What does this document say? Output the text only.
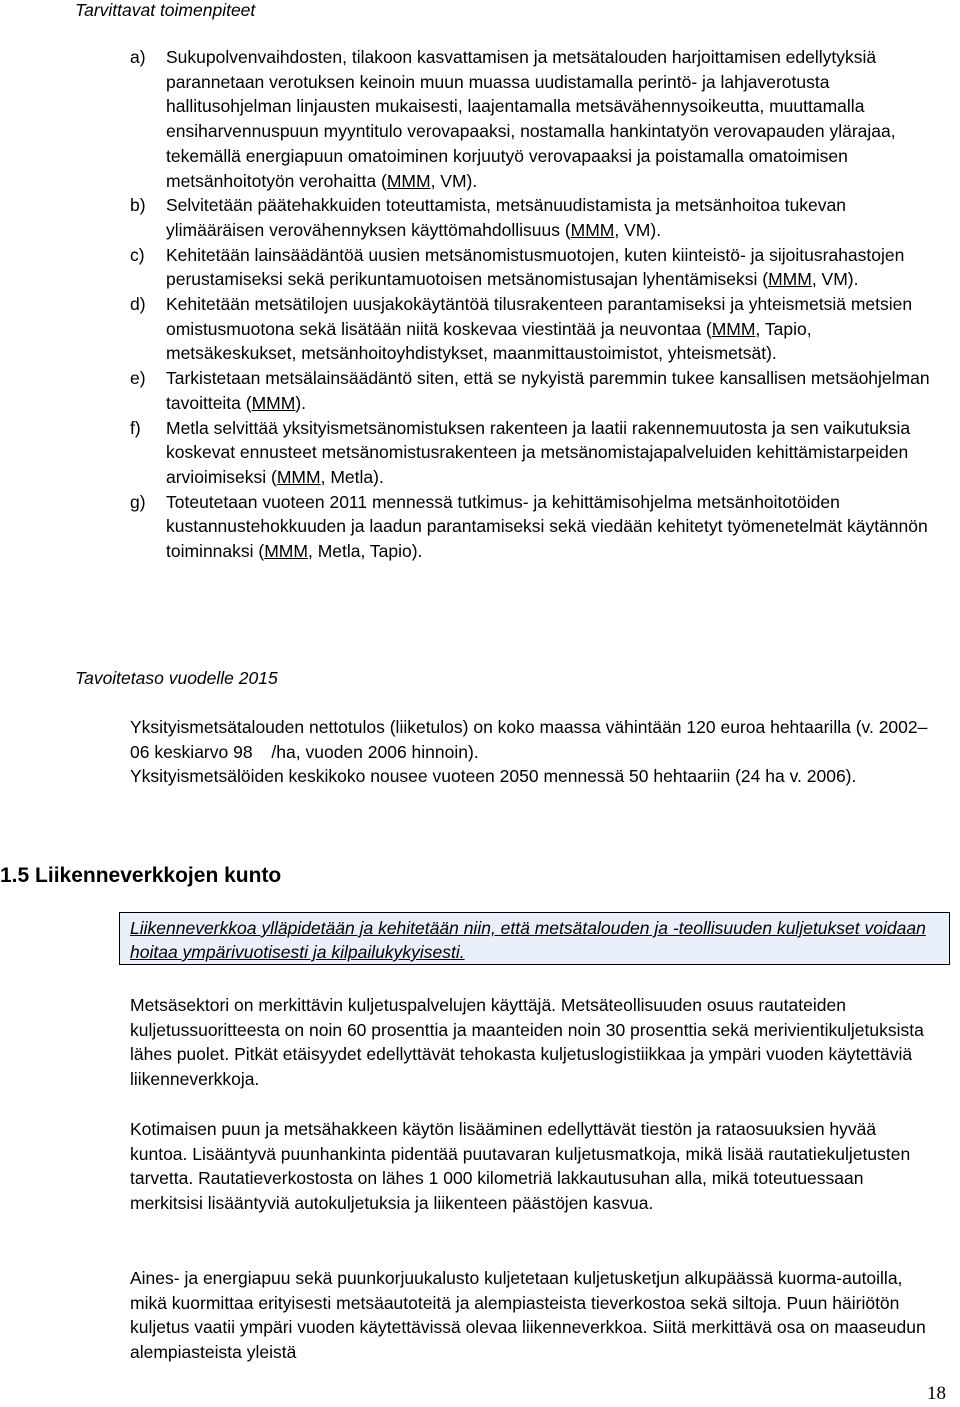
Tarvittavat toimenpiteet
a) Sukupolvenvaihdosten, tilakoon kasvattamisen ja metsätalouden harjoittamisen edellytyksiä parannetaan verotuksen keinoin muun muassa uudistamalla perintö- ja lahjaverotusta hallitusohjelman linjausten mukaisesti, laajentamalla metsävähennysoikeutta, muuttamalla ensiharvennuspuun myyntitulo verovapaaksi, nostamalla hankintatyön verovapauden ylärajaa, tekemällä energiapuun omatoiminen korjuutyö verovapaaksi ja poistamalla omatoimisen metsänhoitotyön verohaitta (MMM, VM).
b) Selvitetään päätehakkuiden toteuttamista, metsänuudistamista ja metsänhoitoa tukevan ylimääräisen verovähennyksen käyttömahdollisuus (MMM, VM).
c) Kehitetään lainsäädäntöä uusien metsänomistusmuotojen, kuten kiinteistö- ja sijoitusrahastojen perustamiseksi sekä perikuntamuotoisen metsänomistusajan lyhentämiseksi (MMM, VM).
d) Kehitetään metsätilojen uusjakokäytäntöä tilusrakenteen parantamiseksi ja yhteismetsiä metsien omistusmuotona sekä lisätään niitä koskevaa viestintää ja neuvontaa (MMM, Tapio, metsäkeskukset, metsänhoitoyhdistykset, maanmittaustoimistot, yhteismetsät).
e) Tarkistetaan metsälainsäädäntö siten, että se nykyistä paremmin tukee kansallisen metsäohjelman tavoitteita (MMM).
f) Metla selvittää yksityismetsänomistuksen rakenteen ja laatii rakennemuutosta ja sen vaikutuksia koskevat ennusteet metsänomistusrakenteen ja metsänomistajapalveluiden kehittämistarpeiden arvioimiseksi (MMM, Metla).
g) Toteutetaan vuoteen 2011 mennessä tutkimus- ja kehittämisohjelma metsänhoitotöiden kustannustehokkuuden ja laadun parantamiseksi sekä viedään kehitetyt työmenetelmät käytännön toiminnaksi (MMM, Metla, Tapio).
Tavoitetaso vuodelle 2015

Yksityismetsätalouden nettotulos (liiketulos) on koko maassa vähintään 120 euroa hehtaarilla (v. 2002–06 keskiarvo 98 /ha, vuoden 2006 hinnoin).

Yksityismetsälöiden keskikoko nousee vuoteen 2050 mennessä 50 hehtaariin (24 ha v. 2006).

1.5 Liikenneverkkojen kunto
Liikenneverkkoa ylläpidetään ja kehitetään niin, että metsätalouden ja -teollisuuden kuljetukset voidaan hoitaa ympärivuotisesti ja kilpailukykyisesti.

Metsäsektori on merkittävin kuljetuspalvelujen käyttäjä. Metsäteollisuuden osuus rautateiden kuljetussuoritteesta on noin 60 prosenttia ja maanteiden noin 30 prosenttia sekä merivientikuljetuksista lähes puolet. Pitkät etäisyydet edellyttävät tehokasta kuljetuslogistiikkaa ja ympäri vuoden käytettäviä liikenneverkkoja.

Kotimaisen puun ja metsähakkeen käytön lisääminen edellyttävät tiestön ja rataosuuksien hyvää kuntoa. Lisääntyvä puunhankinta pidentää puutavaran kuljetusmatkoja, mikä lisää rautatiekuljetusten tarvetta. Rautatieverkostosta on lähes 1 000 kilometriä lakkautusuhan alla, mikä toteutuessaan merkitsisi lisääntyviä autokuljetuksia ja liikenteen päästöjen kasvua.

Aines- ja energiapuu sekä puunkorjuukalusto kuljetetaan kuljetusketjun alkupäässä kuorma-autoilla, mikä kuormittaa erityisesti metsäautoteitä ja alempiasteista tieverkostoa sekä siltoja. Puun häiriötön kuljetus vaatii ympäri vuoden käytettävissä olevaa liikenneverkkoa. Siitä merkittävä osa on maaseudun alempiasteista yleistä

18
